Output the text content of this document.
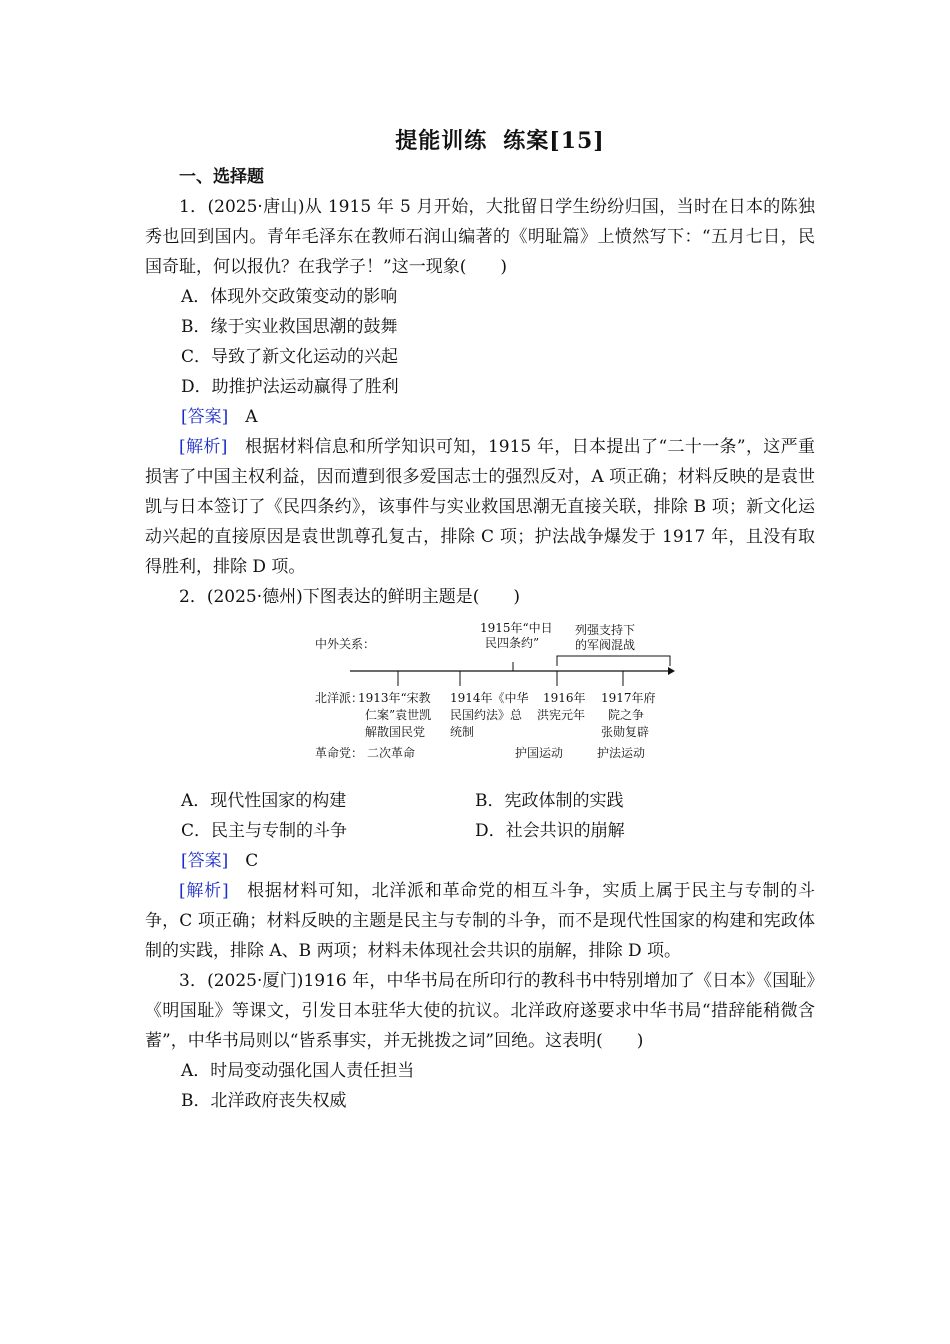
提能训练 练案[15]

一、选择题

1．(2025·唐山)从 1915 年 5 月开始，大批留日学生纷纷归国，当时在日本的陈独秀也回到国内。青年毛泽东在教师石润山编著的《明耻篇》上愤然写下：“五月七日，民国奇耻，何以报仇？在我学子！”这一现象(　　)

A．体现外交政策变动的影响

B．缘于实业救国思潮的鼓舞

C．导致了新文化运动的兴起

D．助推护法运动赢得了胜利

[答案]　 A

[解析]　 根据材料信息和所学知识可知，1915 年，日本提出了“二十一条”，这严重损害了中国主权利益，因而遭到很多爱国志士的强烈反对，A 项正确；材料反映的是袁世凯与日本签订了《民四条约》，该事件与实业救国思潮无直接关联，排除 B 项；新文化运动兴起的直接原因是袁世凯尊孔复古，排除 C 项；护法战争爆发于 1917 年，且没有取得胜利，排除 D 项。

2．(2025·德州)下图表达的鲜明主题是(　　)

中外关系：
1915年“中日
民四条约”
列强支持下
的军阀混战
北洋派：
1913年“宋教
仁案”袁世凯
解散国民党
1914年《中华
民国约法》总
统制
1916年
洪宪元年
1917年府
院之争
张勋复辟
革命党： 二次革命	护国运动	护法运动
A．现代性国家的构建	B．宪政体制的实践
C．民主与专制的斗争	D．社会共识的崩解

[答案]　 C

[解析]　 根据材料可知，北洋派和革命党的相互斗争，实质上属于民主与专制的斗争，C 项正确；材料反映的主题是民主与专制的斗争，而不是现代性国家的构建和宪政体制的实践，排除 A、B 两项；材料未体现社会共识的崩解，排除 D 项。

3．(2025·厦门)1916 年，中华书局在所印行的教科书中特别增加了《日本》《国耻》《明国耻》等课文，引发日本驻华大使的抗议。北洋政府遂要求中华书局“措辞能稍微含蓄”，中华书局则以“皆系事实，并无挑拨之词”回绝。这表明(　　)

A．时局变动强化国人责任担当

B．北洋政府丧失权威
